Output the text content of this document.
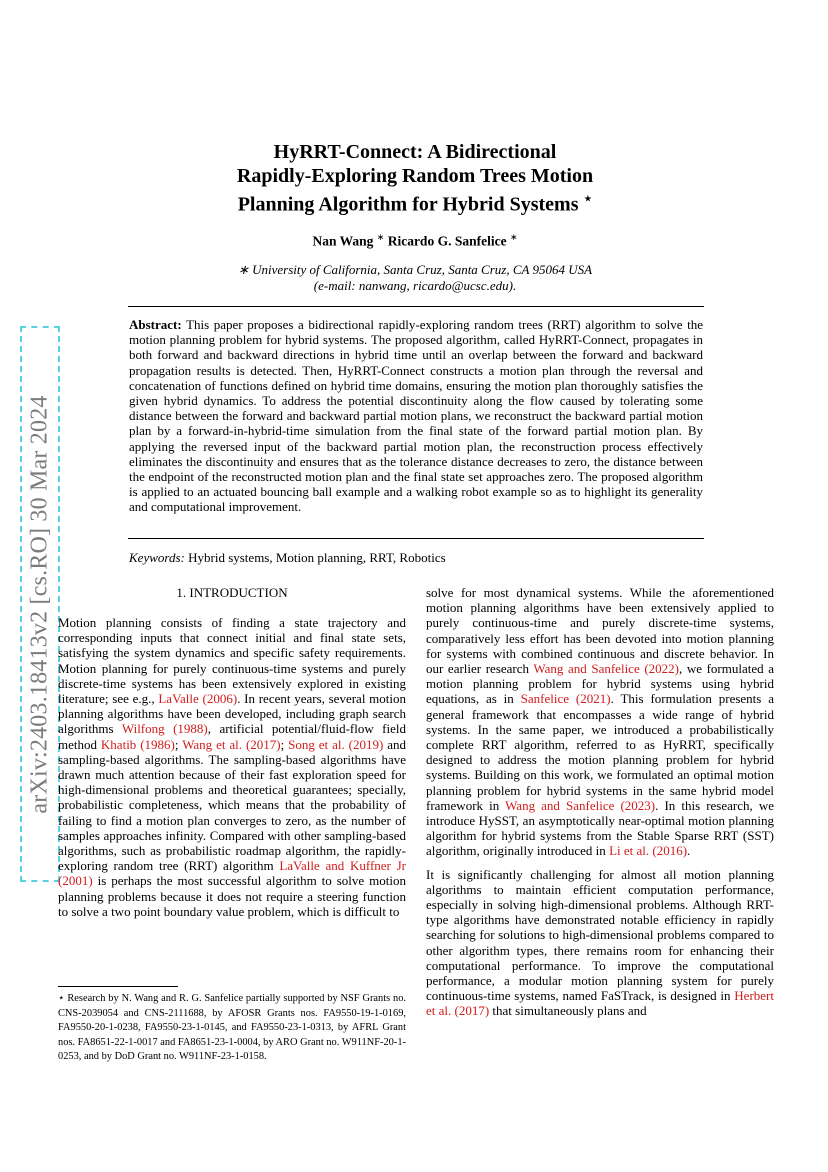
arXiv:2403.18413v2 [cs.RO] 30 Mar 2024
HyRRT-Connect: A Bidirectional
Rapidly-Exploring Random Trees Motion
Planning Algorithm for Hybrid Systems ⋆
Nan Wang ∗ Ricardo G. Sanfelice ∗
∗ University of California, Santa Cruz, Santa Cruz, CA 95064 USA
(e-mail: nanwang, ricardo@ucsc.edu).
Abstract: This paper proposes a bidirectional rapidly-exploring random trees (RRT) algorithm to solve the motion planning problem for hybrid systems. The proposed algorithm, called HyRRT-Connect, propagates in both forward and backward directions in hybrid time until an overlap between the forward and backward propagation results is detected. Then, HyRRT-Connect constructs a motion plan through the reversal and concatenation of functions defined on hybrid time domains, ensuring the motion plan thoroughly satisfies the given hybrid dynamics. To address the potential discontinuity along the flow caused by tolerating some distance between the forward and backward partial motion plans, we reconstruct the backward partial motion plan by a forward-in-hybrid-time simulation from the final state of the forward partial motion plan. By applying the reversed input of the backward partial motion plan, the reconstruction process effectively eliminates the discontinuity and ensures that as the tolerance distance decreases to zero, the distance between the endpoint of the reconstructed motion plan and the final state set approaches zero. The proposed algorithm is applied to an actuated bouncing ball example and a walking robot example so as to highlight its generality and computational improvement.
Keywords: Hybrid systems, Motion planning, RRT, Robotics
1. INTRODUCTION

Motion planning consists of finding a state trajectory and corresponding inputs that connect initial and final state sets, satisfying the system dynamics and specific safety requirements. Motion planning for purely continuous-time systems and purely discrete-time systems has been extensively explored in existing literature; see e.g., LaValle (2006). In recent years, several motion planning algorithms have been developed, including graph search algorithms Wilfong (1988), artificial potential/fluid-flow field method Khatib (1986); Wang et al. (2017); Song et al. (2019) and sampling-based algorithms. The sampling-based algorithms have drawn much attention because of their fast exploration speed for high-dimensional problems and theoretical guarantees; specially, probabilistic completeness, which means that the probability of failing to find a motion plan converges to zero, as the number of samples approaches infinity. Compared with other sampling-based algorithms, such as probabilistic roadmap algorithm, the rapidly-exploring random tree (RRT) algorithm LaValle and Kuffner Jr (2001) is perhaps the most successful algorithm to solve motion planning problems because it does not require a steering function to solve a two point boundary value problem, which is difficult to

⋆ Research by N. Wang and R. G. Sanfelice partially supported by NSF Grants no. CNS-2039054 and CNS-2111688, by AFOSR Grants nos. FA9550-19-1-0169, FA9550-20-1-0238, FA9550-23-1-0145, and FA9550-23-1-0313, by AFRL Grant nos. FA8651-22-1-0017 and FA8651-23-1-0004, by ARO Grant no. W911NF-20-1-0253, and by DoD Grant no. W911NF-23-1-0158.

solve for most dynamical systems. While the aforementioned motion planning algorithms have been extensively applied to purely continuous-time and purely discrete-time systems, comparatively less effort has been devoted into motion planning for systems with combined continuous and discrete behavior. In our earlier research Wang and Sanfelice (2022), we formulated a motion planning problem for hybrid systems using hybrid equations, as in Sanfelice (2021). This formulation presents a general framework that encompasses a wide range of hybrid systems. In the same paper, we introduced a probabilistically complete RRT algorithm, referred to as HyRRT, specifically designed to address the motion planning problem for hybrid systems. Building on this work, we formulated an optimal motion planning problem for hybrid systems in the same hybrid model framework in Wang and Sanfelice (2023). In this research, we introduce HySST, an asymptotically near-optimal motion planning algorithm for hybrid systems from the Stable Sparse RRT (SST) algorithm, originally introduced in Li et al. (2016).

It is significantly challenging for almost all motion planning algorithms to maintain efficient computation performance, especially in solving high-dimensional problems. Although RRT-type algorithms have demonstrated notable efficiency in rapidly searching for solutions to high-dimensional problems compared to other algorithm types, there remains room for enhancing their computational performance. To improve the computational performance, a modular motion planning system for purely continuous-time systems, named FaSTrack, is designed in Herbert et al. (2017) that simultaneously plans and
